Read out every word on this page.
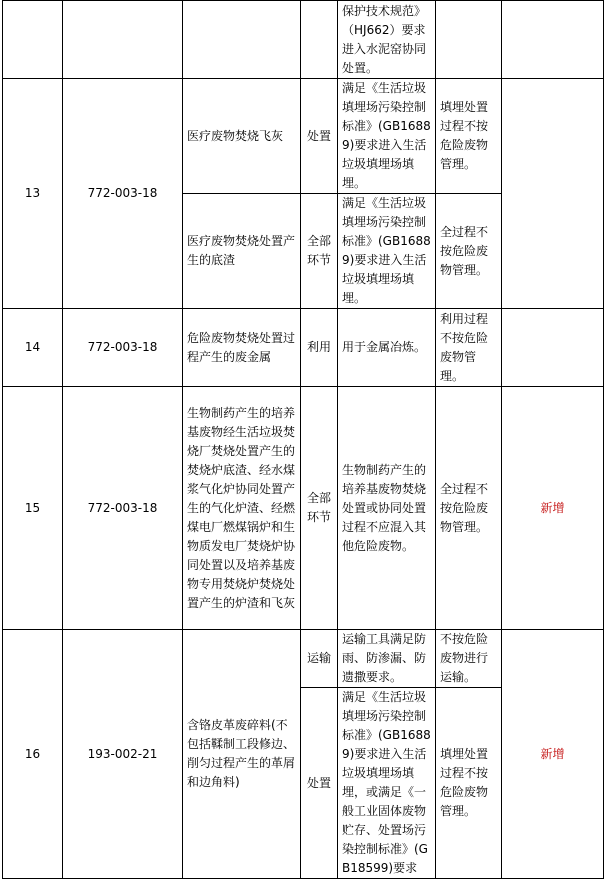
				保护技术规范》（HJ662）要求进入水泥窑协同处置。		

13	772-003-18	医疗废物焚烧飞灰	处置	满足《生活垃圾填埋场污染控制标准》(GB16889)要求进入生活垃圾填埋场填埋。	填埋处置过程不按危险废物管理。	

		医疗废物焚烧处置产生的底渣	全部环节	满足《生活垃圾填埋场污染控制标准》(GB16889)要求进入生活垃圾填埋场填埋。	全过程不按危险废物管理。	

14	772-003-18	危险废物焚烧处置过程产生的废金属	利用	用于金属冶炼。	利用过程不按危险废物管理。	

15	772-003-18	生物制药产生的培养基废物经生活垃圾焚烧厂焚烧处置产生的焚烧炉底渣、经水煤浆气化炉协同处置产生的气化炉渣、经燃煤电厂燃煤锅炉和生物质发电厂焚烧炉协同处置以及培养基废物专用焚烧炉焚烧处置产生的炉渣和飞灰	全部环节	生物制药产生的培养基废物焚烧处置或协同处置过程不应混入其他危险废物。	全过程不按危险废物管理。	新增
16	193-002-21	含铬皮革废碎料(不包括鞣制工段修边、削匀过程产生的革屑和边角料)	运输	运输工具满足防雨、防渗漏、防遗撒要求。	不按危险废物进行运输。	新增
			处置	满足《生活垃圾填埋场污染控制标准》(GB16889)要求进入生活垃圾填埋场填埋，或满足《一般工业固体废物贮存、处置场污染控制标准》(GB18599)要求	填埋处置过程不按危险废物管理。	
